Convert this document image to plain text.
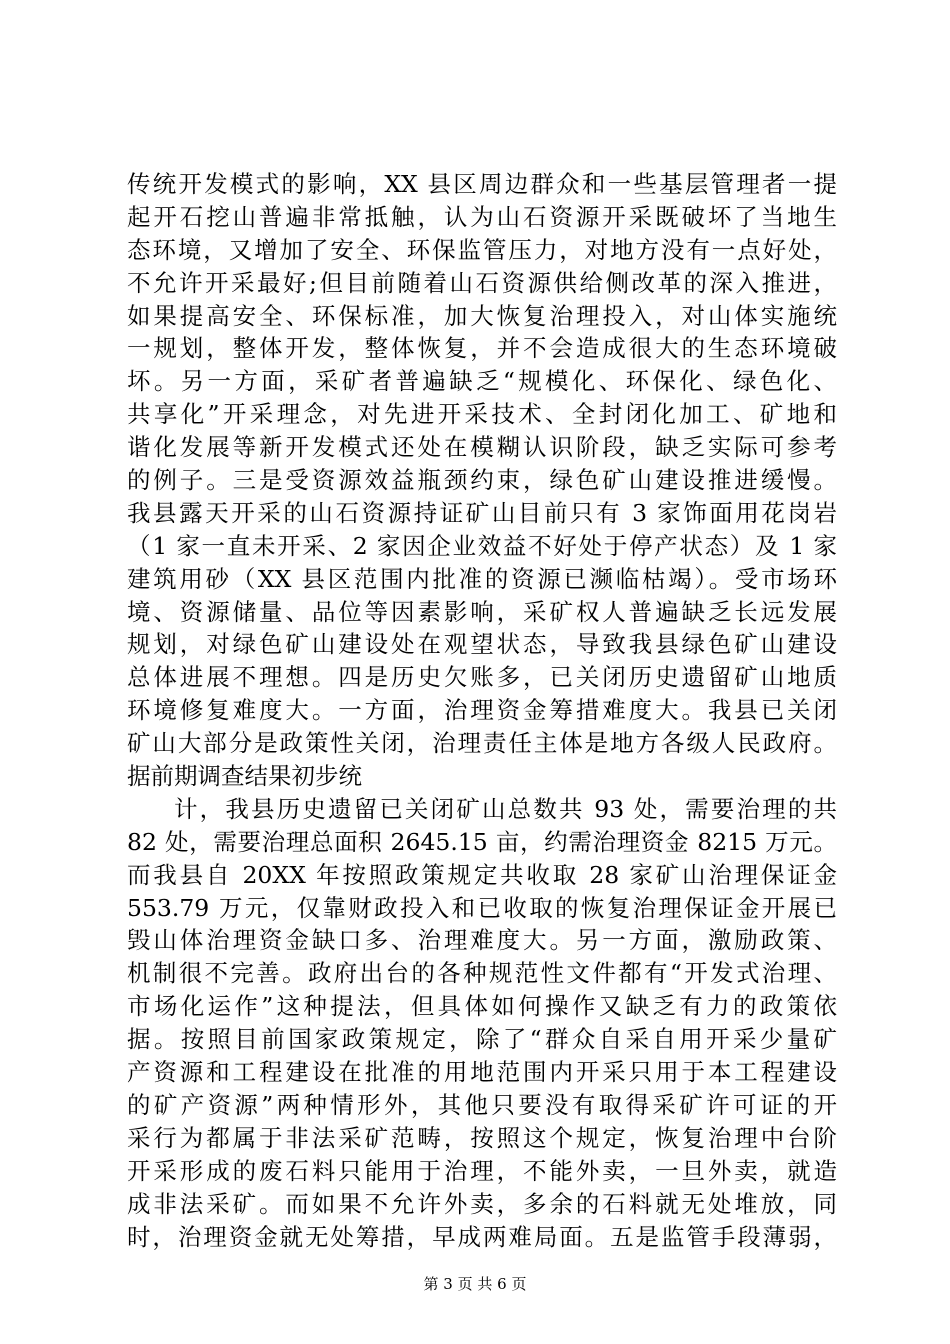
传统开发模式的影响，XX 县区周边群众和一些基层管理者一提
起开石挖山普遍非常抵触，认为山石资源开采既破坏了当地生
态环境，又增加了安全、环保监管压力，对地方没有一点好处，
不允许开采最好;但目前随着山石资源供给侧改革的深入推进，
如果提高安全、环保标准，加大恢复治理投入，对山体实施统
一规划，整体开发，整体恢复，并不会造成很大的生态环境破
坏。另一方面，采矿者普遍缺乏“规模化、环保化、绿色化、
共享化”开采理念，对先进开采技术、全封闭化加工、矿地和
谐化发展等新开发模式还处在模糊认识阶段，缺乏实际可参考
的例子。三是受资源效益瓶颈约束，绿色矿山建设推进缓慢。
我县露天开采的山石资源持证矿山目前只有 3 家饰面用花岗岩
（1 家一直未开采、2 家因企业效益不好处于停产状态）及 1 家
建筑用砂（XX 县区范围内批准的资源已濒临枯竭）。受市场环
境、资源储量、品位等因素影响，采矿权人普遍缺乏长远发展
规划，对绿色矿山建设处在观望状态，导致我县绿色矿山建设
总体进展不理想。四是历史欠账多，已关闭历史遗留矿山地质
环境修复难度大。一方面，治理资金筹措难度大。我县已关闭
矿山大部分是政策性关闭，治理责任主体是地方各级人民政府。
据前期调查结果初步统
计，我县历史遗留已关闭矿山总数共 93 处，需要治理的共
82 处，需要治理总面积 2645.15 亩，约需治理资金 8215 万元。
而我县自 20XX 年按照政策规定共收取 28 家矿山治理保证金
553.79 万元，仅靠财政投入和已收取的恢复治理保证金开展已
毁山体治理资金缺口多、治理难度大。另一方面，激励政策、
机制很不完善。政府出台的各种规范性文件都有“开发式治理、
市场化运作”这种提法，但具体如何操作又缺乏有力的政策依
据。按照目前国家政策规定，除了“群众自采自用开采少量矿
产资源和工程建设在批准的用地范围内开采只用于本工程建设
的矿产资源”两种情形外，其他只要没有取得采矿许可证的开
采行为都属于非法采矿范畴，按照这个规定，恢复治理中台阶
开采形成的废石料只能用于治理，不能外卖，一旦外卖，就造
成非法采矿。而如果不允许外卖，多余的石料就无处堆放，同
时，治理资金就无处筹措，早成两难局面。五是监管手段薄弱，
第 3 页 共 6 页
